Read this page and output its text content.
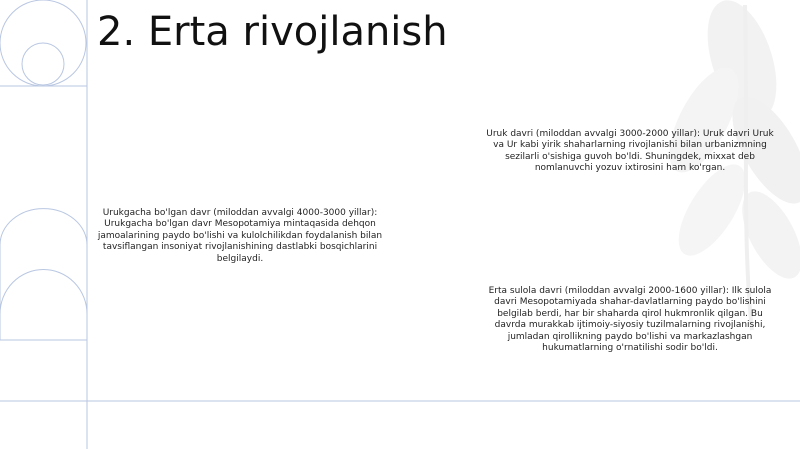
2. Erta rivojlanish

Urukgacha bo'lgan davr (miloddan avvalgi 4000-3000 yillar): Urukgacha bo'lgan davr Mesopotamiya mintaqasida dehqon jamoalarining paydo bo'lishi va kulolchilikdan foydalanish bilan tavsiflangan insoniyat rivojlanishining dastlabki bosqichlarini belgilaydi.

Uruk davri (miloddan avvalgi 3000-2000 yillar): Uruk davri Uruk va Ur kabi yirik shaharlarning rivojlanishi bilan urbanizmning sezilarli o'sishiga guvoh bo'ldi. Shuningdek, mixxat deb nomlanuvchi yozuv ixtirosini ham ko'rgan.

Erta sulola davri (miloddan avvalgi 2000-1600 yillar): Ilk sulola davri Mesopotamiyada shahar-davlatlarning paydo bo'lishini belgilab berdi, har bir shaharda qirol hukmronlik qilgan. Bu davrda murakkab ijtimoiy-siyosiy tuzilmalarning rivojlanishi, jumladan qirollikning paydo bo'lishi va markazlashgan hukumatlarning o'rnatilishi sodir bo'ldi.
